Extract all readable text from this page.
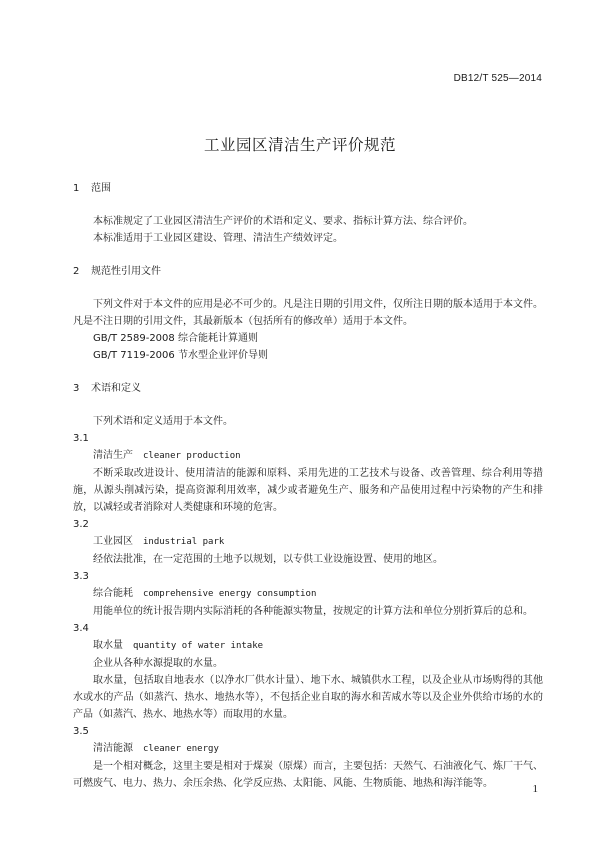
DB12/T 525—2014
工业园区清洁生产评价规范

1 范围

本标准规定了工业园区清洁生产评价的术语和定义、要求、指标计算方法、综合评价。

本标准适用于工业园区建设、管理、清洁生产绩效评定。

2 规范性引用文件

下列文件对于本文件的应用是必不可少的。凡是注日期的引用文件，仅所注日期的版本适用于本文件。凡是不注日期的引用文件，其最新版本（包括所有的修改单）适用于本文件。

GB/T 2589-2008 综合能耗计算通则

GB/T 7119-2006 节水型企业评价导则

3 术语和定义

下列术语和定义适用于本文件。

3.1

清洁生产 cleaner production

不断采取改进设计、使用清洁的能源和原料、采用先进的工艺技术与设备、改善管理、综合利用等措施，从源头削减污染，提高资源利用效率，减少或者避免生产、服务和产品使用过程中污染物的产生和排放，以减轻或者消除对人类健康和环境的危害。

3.2

工业园区 industrial park

经依法批准，在一定范围的土地予以规划，以专供工业设施设置、使用的地区。

3.3

综合能耗 comprehensive energy consumption

用能单位的统计报告期内实际消耗的各种能源实物量，按规定的计算方法和单位分别折算后的总和。

3.4

取水量 quantity of water intake

企业从各种水源提取的水量。

取水量，包括取自地表水（以净水厂供水计量）、地下水、城镇供水工程，以及企业从市场购得的其他水或水的产品（如蒸汽、热水、地热水等），不包括企业自取的海水和苦咸水等以及企业外供给市场的水的产品（如蒸汽、热水、地热水等）而取用的水量。

3.5

清洁能源 cleaner energy

是一个相对概念，这里主要是相对于煤炭（原煤）而言，主要包括：天然气、石油液化气、炼厂干气、可燃废气、电力、热力、余压余热、化学反应热、太阳能、风能、生物质能、地热和海洋能等。	1
